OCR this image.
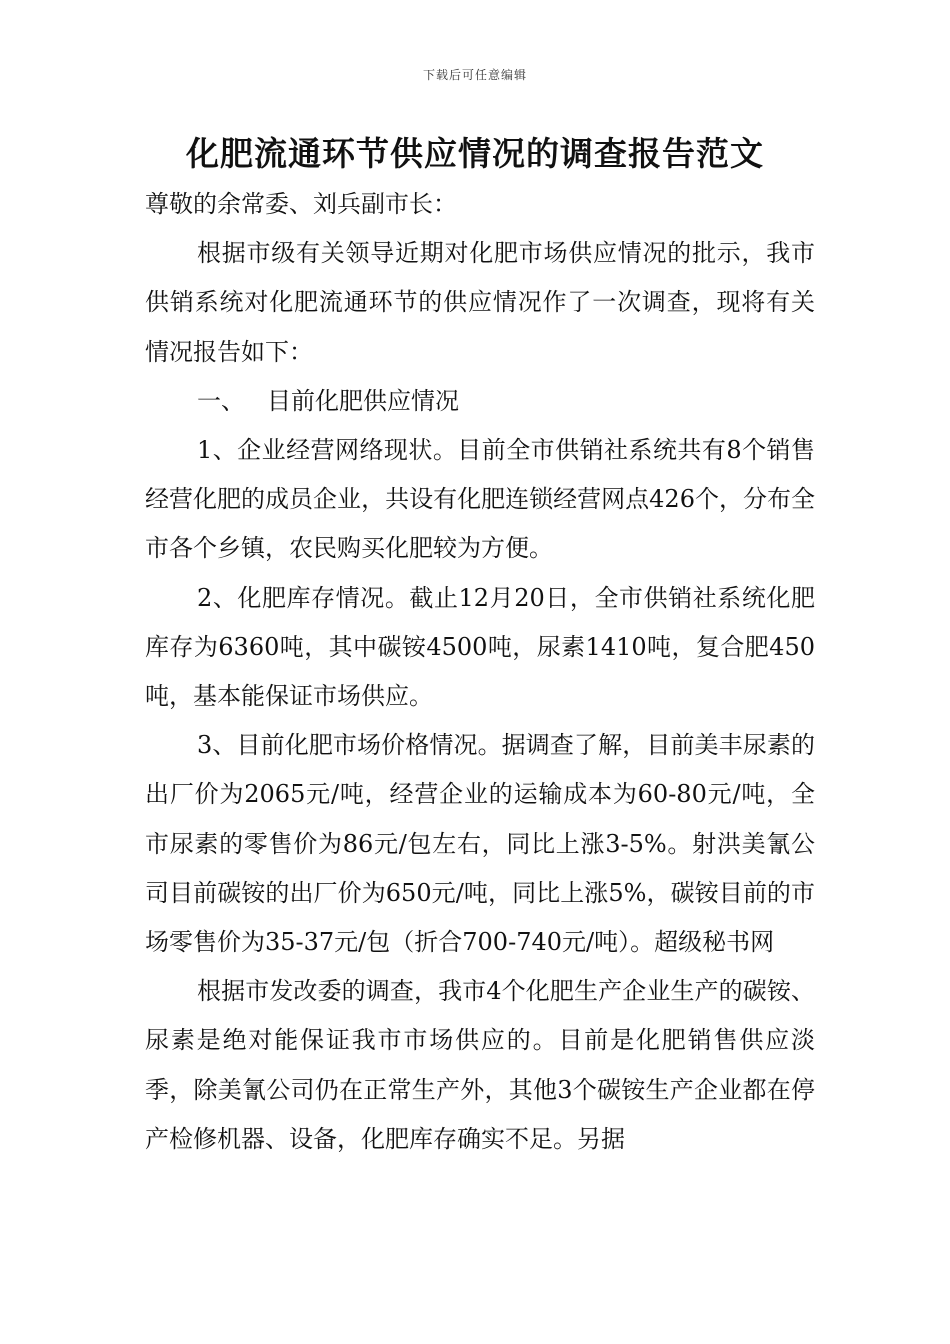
下载后可任意编辑
化肥流通环节供应情况的调查报告范文

尊敬的余常委、刘兵副市长：

根据市级有关领导近期对化肥市场供应情况的批示，我市供销系统对化肥流通环节的供应情况作了一次调查，现将有关情况报告如下：

一、 目前化肥供应情况

1、企业经营网络现状。目前全市供销社系统共有8个销售经营化肥的成员企业，共设有化肥连锁经营网点426个，分布全市各个乡镇，农民购买化肥较为方便。

2、化肥库存情况。截止12月20日，全市供销社系统化肥库存为6360吨，其中碳铵4500吨，尿素1410吨，复合肥450吨，基本能保证市场供应。

3、目前化肥市场价格情况。据调查了解，目前美丰尿素的出厂价为2065元/吨，经营企业的运输成本为60-80元/吨，全市尿素的零售价为86元/包左右，同比上涨3-5%。射洪美氰公司目前碳铵的出厂价为650元/吨，同比上涨5%，碳铵目前的市场零售价为35-37元/包（折合700-740元/吨）。超级秘书网

根据市发改委的调查，我市4个化肥生产企业生产的碳铵、尿素是绝对能保证我市市场供应的。目前是化肥销售供应淡季，除美氰公司仍在正常生产外，其他3个碳铵生产企业都在停产检修机器、设备，化肥库存确实不足。另据
